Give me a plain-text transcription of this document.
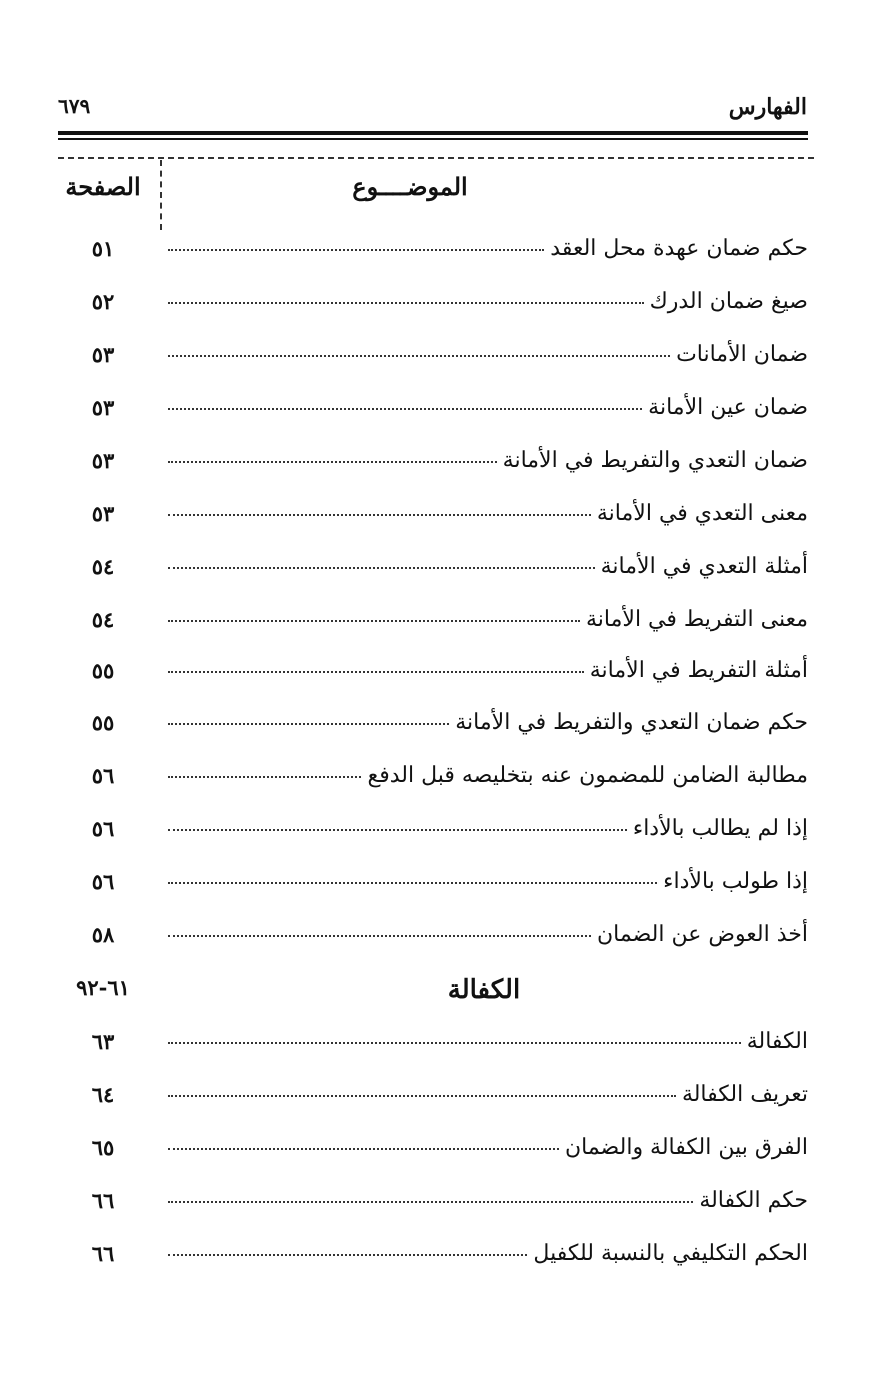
الفهارس
٦٧٩
الموضــــوع
الصفحة
حكم ضمان عهدة محل العقد
٥١
صيغ ضمان الدرك
٥٢
ضمان الأمانات
٥٣
ضمان عين الأمانة
٥٣
ضمان التعدي والتفريط في الأمانة
٥٣
معنى التعدي في الأمانة
٥٣
أمثلة التعدي في الأمانة
٥٤
معنى التفريط في الأمانة
٥٤
أمثلة التفريط في الأمانة
٥٥
حكم ضمان التعدي والتفريط في الأمانة
٥٥
مطالبة الضامن للمضمون عنه بتخليصه قبل الدفع
٥٦
إذا لم يطالب بالأداء
٥٦
إذا طولب بالأداء
٥٦
أخذ العوض عن الضمان
٥٨
الكفالة
٦١-٩٢
الكفالة
٦٣
تعريف الكفالة
٦٤
الفرق بين الكفالة والضمان
٦٥
حكم الكفالة
٦٦
الحكم التكليفي بالنسبة للكفيل
٦٦
